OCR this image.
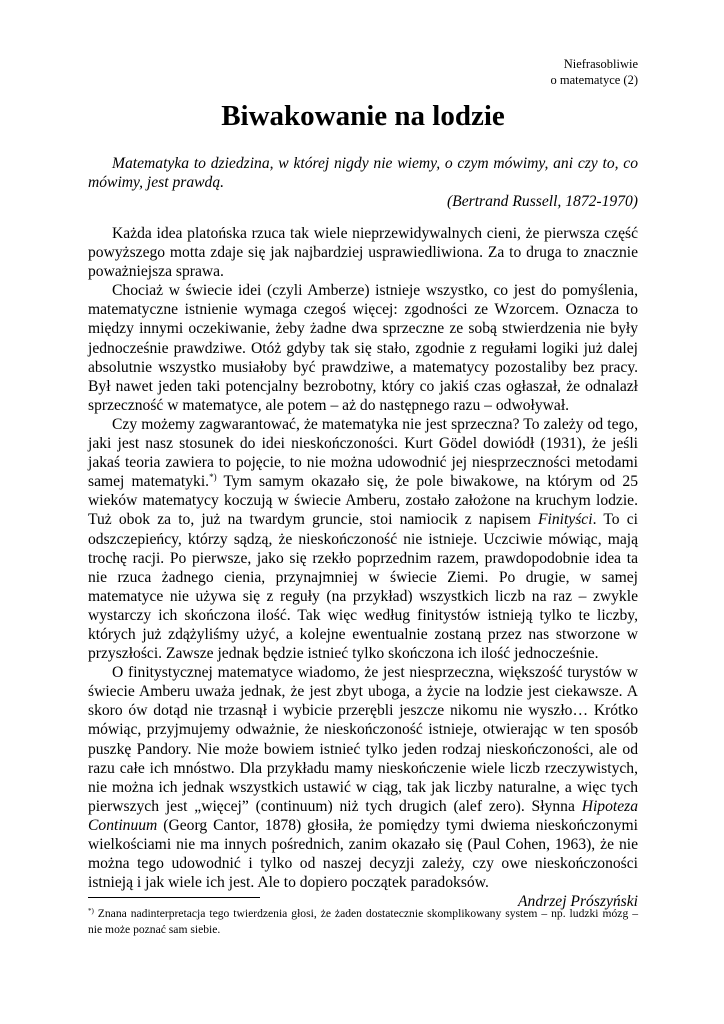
Niefrasobliwie
o matematyce (2)
Biwakowanie na lodzie

Matematyka to dziedzina, w której nigdy nie wiemy, o czym mówimy, ani czy to, co mówimy, jest prawdą.

(Bertrand Russell, 1872-1970)

Każda idea platońska rzuca tak wiele nieprzewidywalnych cieni, że pierwsza część powyższego motta zdaje się jak najbardziej usprawiedliwiona. Za to druga to znacznie poważniejsza sprawa.

Chociaż w świecie idei (czyli Amberze) istnieje wszystko, co jest do pomyślenia, matematyczne istnienie wymaga czegoś więcej: zgodności ze Wzorcem. Oznacza to między innymi oczekiwanie, żeby żadne dwa sprzeczne ze sobą stwierdzenia nie były jednocześnie prawdziwe. Otóż gdyby tak się stało, zgodnie z regułami logiki już dalej absolutnie wszystko musiałoby być prawdziwe, a matematycy pozostaliby bez pracy. Był nawet jeden taki potencjalny bezrobotny, który co jakiś czas ogłaszał, że odnalazł sprzeczność w matematyce, ale potem – aż do następnego razu – odwoływał.

Czy możemy zagwarantować, że matematyka nie jest sprzeczna? To zależy od tego, jaki jest nasz stosunek do idei nieskończoności. Kurt Gödel dowiódł (1931), że jeśli jakaś teoria zawiera to pojęcie, to nie można udowodnić jej niesprzeczności metodami samej matematyki.*) Tym samym okazało się, że pole biwakowe, na którym od 25 wieków matematycy koczują w świecie Amberu, zostało założone na kruchym lodzie. Tuż obok za to, już na twardym gruncie, stoi namiocik z napisem Finityści. To ci odszczepieńcy, którzy sądzą, że nieskończoność nie istnieje. Uczciwie mówiąc, mają trochę racji. Po pierwsze, jako się rzekło poprzednim razem, prawdopodobnie idea ta nie rzuca żadnego cienia, przynajmniej w świecie Ziemi. Po drugie, w samej matematyce nie używa się z reguły (na przykład) wszystkich liczb na raz – zwykle wystarczy ich skończona ilość. Tak więc według finitystów istnieją tylko te liczby, których już zdążyliśmy użyć, a kolejne ewentualnie zostaną przez nas stworzone w przyszłości. Zawsze jednak będzie istnieć tylko skończona ich ilość jednocześnie.

O finitystycznej matematyce wiadomo, że jest niesprzeczna, większość turystów w świecie Amberu uważa jednak, że jest zbyt uboga, a życie na lodzie jest ciekawsze. A skoro ów dotąd nie trzasnął i wybicie przerębli jeszcze nikomu nie wyszło… Krótko mówiąc, przyjmujemy odważnie, że nieskończoność istnieje, otwierając w ten sposób puszkę Pandory. Nie może bowiem istnieć tylko jeden rodzaj nieskończoności, ale od razu całe ich mnóstwo. Dla przykładu mamy nieskończenie wiele liczb rzeczywistych, nie można ich jednak wszystkich ustawić w ciąg, tak jak liczby naturalne, a więc tych pierwszych jest „więcej” (continuum) niż tych drugich (alef zero). Słynna Hipoteza Continuum (Georg Cantor, 1878) głosiła, że pomiędzy tymi dwiema nieskończonymi wielkościami nie ma innych pośrednich, zanim okazało się (Paul Cohen, 1963), że nie można tego udowodnić i tylko od naszej decyzji zależy, czy owe nieskończoności istnieją i jak wiele ich jest. Ale to dopiero początek paradoksów.

Andrzej Prószyński

*) Znana nadinterpretacja tego twierdzenia głosi, że żaden dostatecznie skomplikowany system – np. ludzki mózg – nie może poznać sam siebie.
